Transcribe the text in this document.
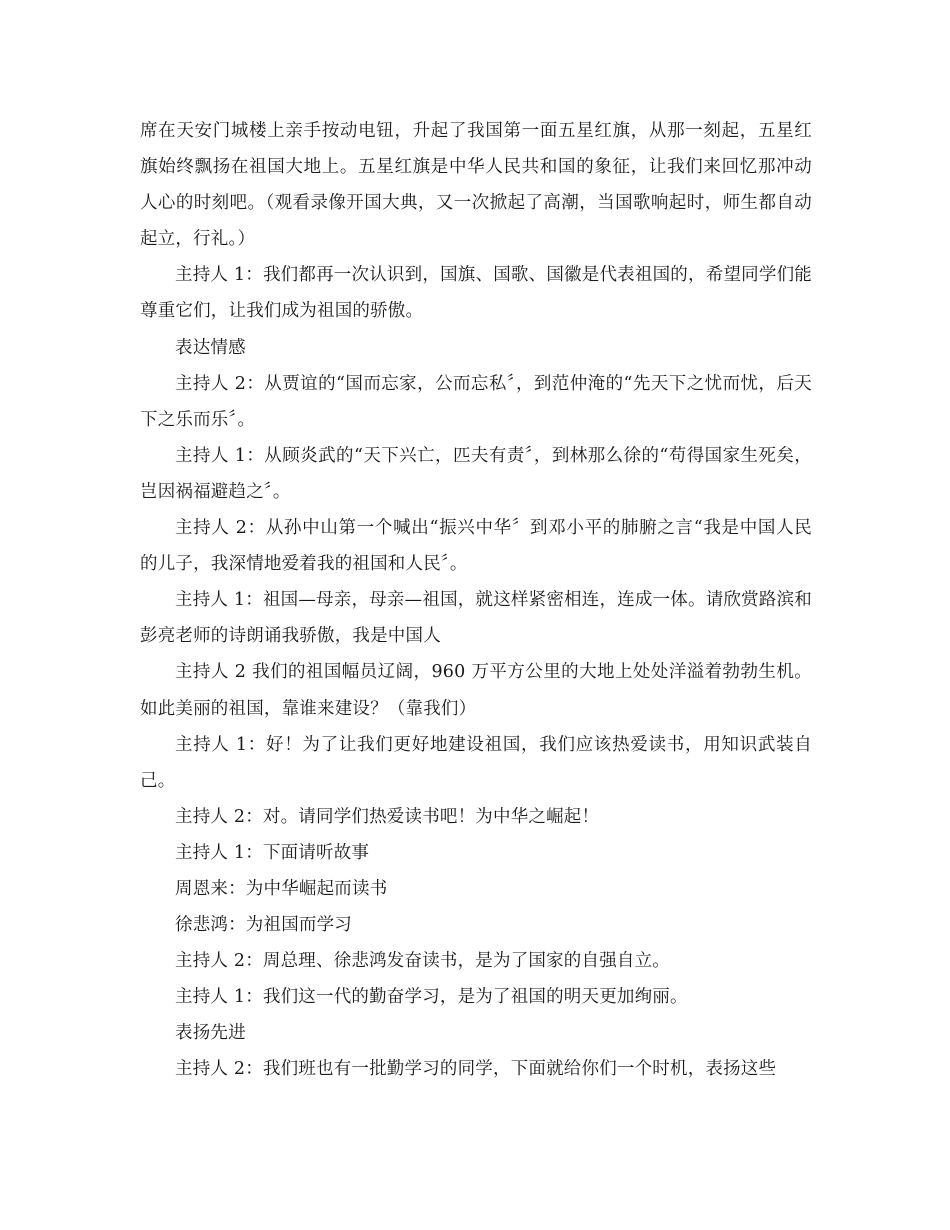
席在天安门城楼上亲手按动电钮，升起了我国第一面五星红旗，从那一刻起，五星红旗始终飘扬在祖国大地上。五星红旗是中华人民共和国的象征，让我们来回忆那冲动人心的时刻吧。（观看录像开国大典，又一次掀起了高潮，当国歌响起时，师生都自动起立，行礼。）

主持人 1：我们都再一次认识到，国旗、国歌、国徽是代表祖国的，希望同学们能尊重它们，让我们成为祖国的骄傲。

表达情感

主持人 2：从贾谊的“国而忘家，公而忘私〞，到范仲淹的“先天下之忧而忧，后天下之乐而乐〞。

主持人 1：从顾炎武的“天下兴亡，匹夫有责〞，到林那么徐的“苟得国家生死矣，岂因祸福避趋之〞。

主持人 2：从孙中山第一个喊出“振兴中华〞到邓小平的肺腑之言“我是中国人民的儿子，我深情地爱着我的祖国和人民〞。

主持人 1：祖国—母亲，母亲—祖国，就这样紧密相连，连成一体。请欣赏路滨和彭亮老师的诗朗诵我骄傲，我是中国人

主持人 2 我们的祖国幅员辽阔，960 万平方公里的大地上处处洋溢着勃勃生机。如此美丽的祖国，靠谁来建设？（靠我们）

主持人 1：好！为了让我们更好地建设祖国，我们应该热爱读书，用知识武装自己。

主持人 2：对。请同学们热爱读书吧！为中华之崛起！

主持人 1：下面请听故事

周恩来：为中华崛起而读书

徐悲鸿：为祖国而学习

主持人 2：周总理、徐悲鸿发奋读书，是为了国家的自强自立。

主持人 1：我们这一代的勤奋学习，是为了祖国的明天更加绚丽。

表扬先进

主持人 2：我们班也有一批勤学习的同学，下面就给你们一个时机，表扬这些
